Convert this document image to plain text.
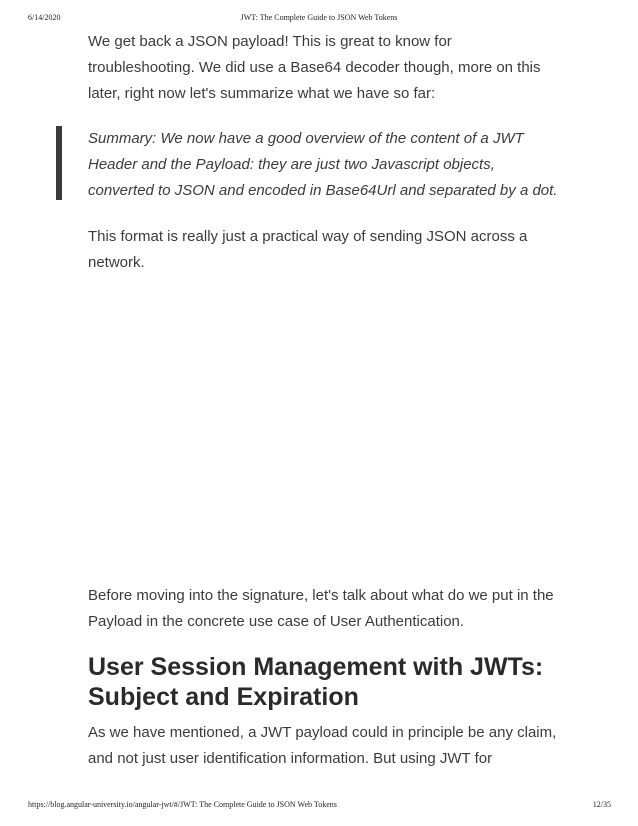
6/14/2020	JWT: The Complete Guide to JSON Web Tokens

We get back a JSON payload! This is great to know for troubleshooting. We did use a Base64 decoder though, more on this later, right now let's summarize what we have so far:

Summary: We now have a good overview of the content of a JWT Header and the Payload: they are just two Javascript objects, converted to JSON and encoded in Base64Url and separated by a dot.

This format is really just a practical way of sending JSON across a network.

Before moving into the signature, let's talk about what do we put in the Payload in the concrete use case of User Authentication.

User Session Management with JWTs: Subject and Expiration

As we have mentioned, a JWT payload could in principle be any claim, and not just user identification information. But using JWT for

https://blog.angular-university.io/angular-jwt/#/JWT: The Complete Guide to JSON Web Tokens	12/35
